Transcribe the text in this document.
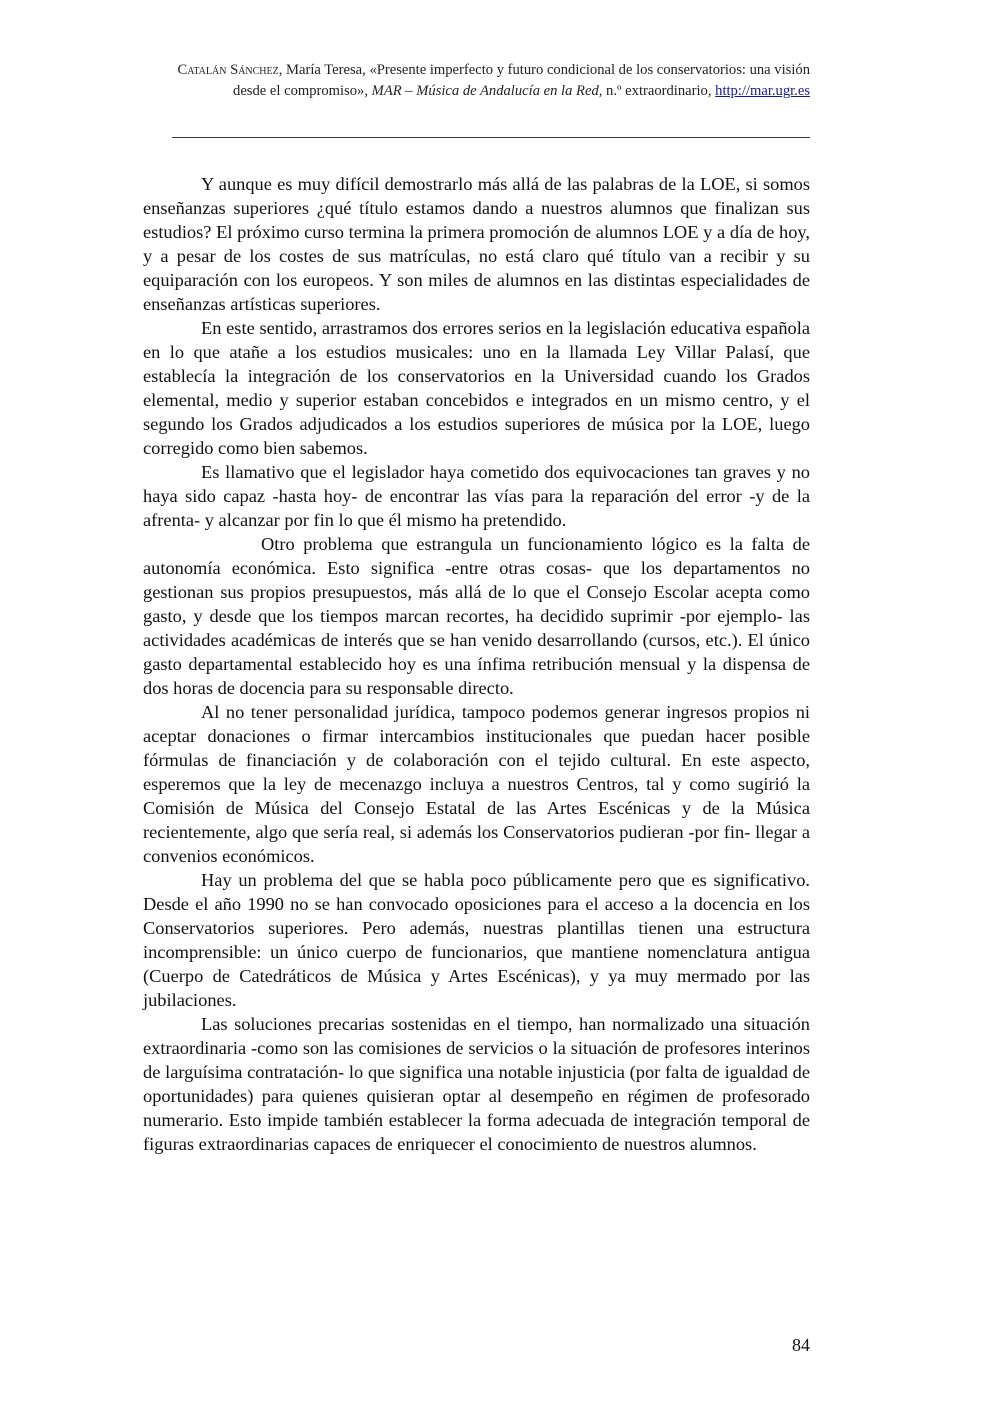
Catalán Sánchez, María Teresa, «Presente imperfecto y futuro condicional de los conservatorios: una visión desde el compromiso», MAR – Música de Andalucía en la Red, n.º extraordinario, http://mar.ugr.es

Y aunque es muy difícil demostrarlo más allá de las palabras de la LOE, si somos enseñanzas superiores ¿qué título estamos dando a nuestros alumnos que finalizan sus estudios? El próximo curso termina la primera promoción de alumnos LOE y a día de hoy, y a pesar de los costes de sus matrículas, no está claro qué título van a recibir y su equiparación con los europeos. Y son miles de alumnos en las distintas especialidades de enseñanzas artísticas superiores.

En este sentido, arrastramos dos errores serios en la legislación educativa española en lo que atañe a los estudios musicales: uno en la llamada Ley Villar Palasí, que establecía la integración de los conservatorios en la Universidad cuando los Grados elemental, medio y superior estaban concebidos e integrados en un mismo centro, y el segundo los Grados adjudicados a los estudios superiores de música por la LOE, luego corregido como bien sabemos.

Es llamativo que el legislador haya cometido dos equivocaciones tan graves y no haya sido capaz -hasta hoy- de encontrar las vías para la reparación del error -y de la afrenta- y alcanzar por fin lo que él mismo ha pretendido.

Otro problema que estrangula un funcionamiento lógico es la falta de autonomía económica. Esto significa -entre otras cosas- que los departamentos no gestionan sus propios presupuestos, más allá de lo que el Consejo Escolar acepta como gasto, y desde que los tiempos marcan recortes, ha decidido suprimir -por ejemplo- las actividades académicas de interés que se han venido desarrollando (cursos, etc.). El único gasto departamental establecido hoy es una ínfima retribución mensual y la dispensa de dos horas de docencia para su responsable directo.

Al no tener personalidad jurídica, tampoco podemos generar ingresos propios ni aceptar donaciones o firmar intercambios institucionales que puedan hacer posible fórmulas de financiación y de colaboración con el tejido cultural. En este aspecto, esperemos que la ley de mecenazgo incluya a nuestros Centros, tal y como sugirió la Comisión de Música del Consejo Estatal de las Artes Escénicas y de la Música recientemente, algo que sería real, si además los Conservatorios pudieran -por fin- llegar a convenios económicos.

Hay un problema del que se habla poco públicamente pero que es significativo. Desde el año 1990 no se han convocado oposiciones para el acceso a la docencia en los Conservatorios superiores. Pero además, nuestras plantillas tienen una estructura incomprensible: un único cuerpo de funcionarios, que mantiene nomenclatura antigua (Cuerpo de Catedráticos de Música y Artes Escénicas), y ya muy mermado por las jubilaciones.

Las soluciones precarias sostenidas en el tiempo, han normalizado una situación extraordinaria -como son las comisiones de servicios o la situación de profesores interinos de larguísima contratación- lo que significa una notable injusticia (por falta de igualdad de oportunidades) para quienes quisieran optar al desempeño en régimen de profesorado numerario. Esto impide también establecer la forma adecuada de integración temporal de figuras extraordinarias capaces de enriquecer el conocimiento de nuestros alumnos.

84
